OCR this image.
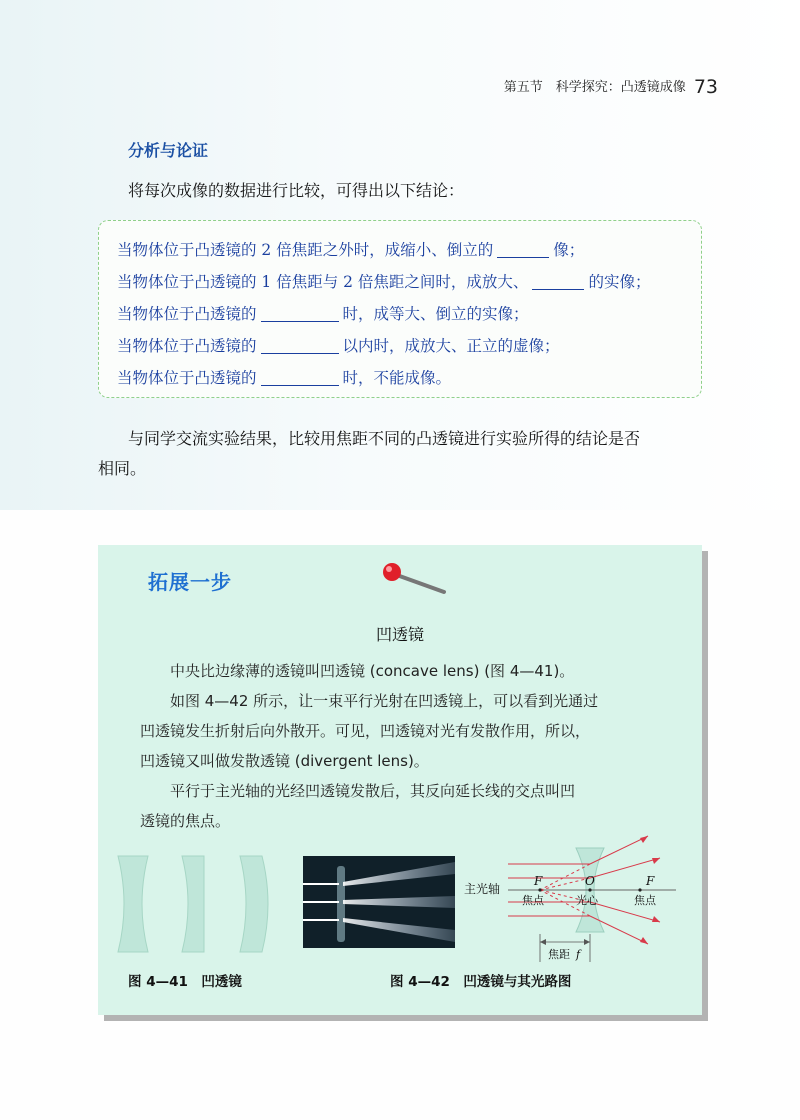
第五节　科学探究：凸透镜成像 73
分析与论证
将每次成像的数据进行比较，可得出以下结论：
当物体位于凸透镜的 2 倍焦距之外时，成缩小、倒立的	像；
当物体位于凸透镜的 1 倍焦距与 2 倍焦距之间时，成放大、	的实像；
当物体位于凸透镜的	时，成等大、倒立的实像；
当物体位于凸透镜的	以内时，成放大、正立的虚像；
当物体位于凸透镜的	时，不能成像。
与同学交流实验结果，比较用焦距不同的凸透镜进行实验所得的结论是否
相同。
拓展一步
凹透镜
中央比边缘薄的透镜叫凹透镜 (concave lens) (图 4—41)。
如图 4—42 所示，让一束平行光射在凹透镜上，可以看到光通过
凹透镜发生折射后向外散开。可见，凹透镜对光有发散作用，所以，
凹透镜又叫做发散透镜 (divergent lens)。
平行于主光轴的光经凹透镜发散后，其反向延长线的交点叫凹
透镜的焦点。
主光轴
F
焦点
O
光心
F
焦点
焦距 f
图 4—41　凹透镜	图 4—42　凹透镜与其光路图
